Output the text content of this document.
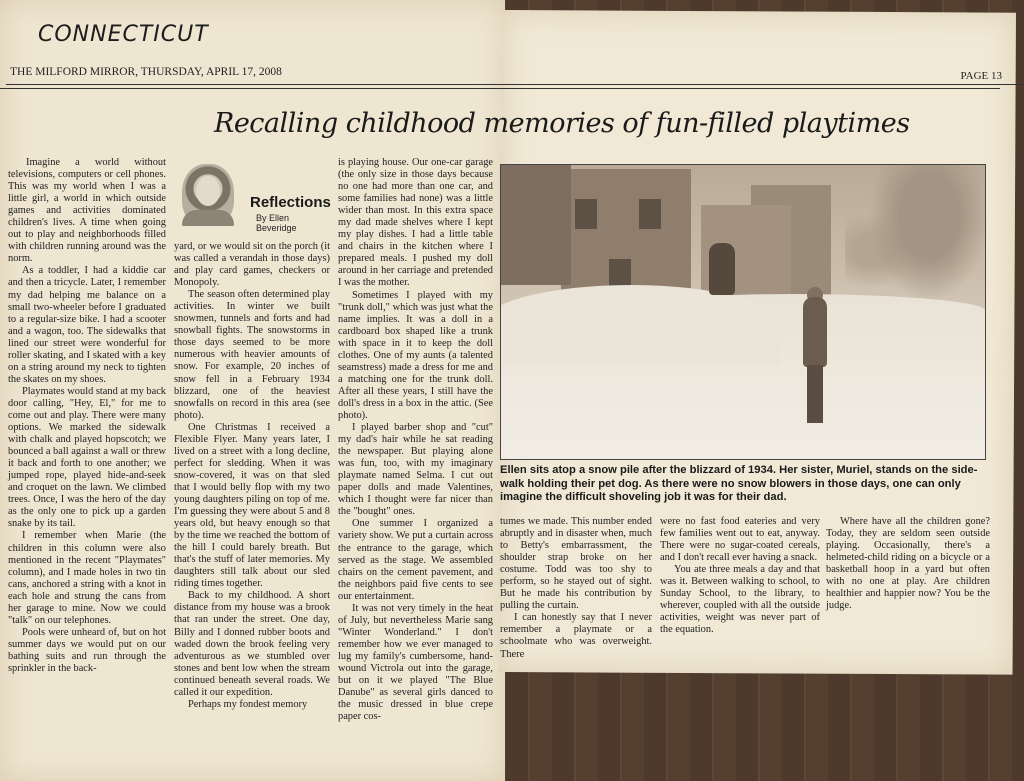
CONNECTICUT
THE MILFORD MIRROR, THURSDAY, APRIL 17, 2008	PAGE 13
Recalling childhood memories of fun-filled playtimes
Reflections
By Ellen Beveridge

Imagine a world without televisions, computers or cell phones. This was my world when I was a little girl, a world in which outside games and activities dominated children's lives. A time when going out to play and neighborhoods filled with children running around was the norm.

As a toddler, I had a kiddie car and then a tricycle. Later, I remember my dad helping me balance on a small two-wheeler before I graduated to a regular-size bike. I had a scooter and a wagon, too. The sidewalks that lined our street were wonderful for roller skating, and I skated with a key on a string around my neck to tighten the skates on my shoes.

Playmates would stand at my back door calling, "Hey, El," for me to come out and play. There were many options. We marked the sidewalk with chalk and played hopscotch; we bounced a ball against a wall or threw it back and forth to one another; we jumped rope, played hide-and-seek and croquet on the lawn. We climbed trees. Once, I was the hero of the day as the only one to pick up a garden snake by its tail.

I remember when Marie (the children in this column were also mentioned in the recent "Playmates" column), and I made holes in two tin cans, anchored a string with a knot in each hole and strung the cans from her garage to mine. Now we could "talk" on our telephones.

Pools were unheard of, but on hot summer days we would put on our bathing suits and run through the sprinkler in the back-

yard, or we would sit on the porch (it was called a verandah in those days) and play card games, checkers or Monopoly.

The season often determined play activities. In winter we built snowmen, tunnels and forts and had snowball fights. The snowstorms in those days seemed to be more numerous with heavier amounts of snow. For example, 20 inches of snow fell in a February 1934 blizzard, one of the heaviest snowfalls on record in this area (see photo).

One Christmas I received a Flexible Flyer. Many years later, I lived on a street with a long decline, perfect for sledding. When it was snow-covered, it was on that sled that I would belly flop with my two young daughters piling on top of me. I'm guessing they were about 5 and 8 years old, but heavy enough so that by the time we reached the bottom of the hill I could barely breath. But that's the stuff of later memories. My daughters still talk about our sled riding times together.

Back to my childhood. A short distance from my house was a brook that ran under the street. One day, Billy and I donned rubber boots and waded down the brook feeling very adventurous as we stumbled over stones and bent low when the stream continued beneath several roads. We called it our expedition.

Perhaps my fondest memory

is playing house. Our one-car garage (the only size in those days because no one had more than one car, and some families had none) was a little wider than most. In this extra space my dad made shelves where I kept my play dishes. I had a little table and chairs in the kitchen where I prepared meals. I pushed my doll around in her carriage and pretended I was the mother.

Sometimes I played with my "trunk doll," which was just what the name implies. It was a doll in a cardboard box shaped like a trunk with space in it to keep the doll clothes. One of my aunts (a talented seamstress) made a dress for me and a matching one for the trunk doll. After all these years, I still have the doll's dress in a box in the attic. (See photo).

I played barber shop and "cut" my dad's hair while he sat reading the newspaper. But playing alone was fun, too, with my imaginary playmate named Selma. I cut out paper dolls and made Valentines, which I thought were far nicer than the "bought" ones.

One summer I organized a variety show. We put a curtain across the entrance to the garage, which served as the stage. We assembled chairs on the cement pavement, and the neighbors paid five cents to see our entertainment.

It was not very timely in the heat of July, but nevertheless Marie sang "Winter Wonderland." I don't remember how we ever managed to lug my family's cumbersome, hand-wound Victrola out into the garage, but on it we played "The Blue Danube" as several girls danced to the music dressed in blue crepe paper cos-

Ellen sits atop a snow pile after the blizzard of 1934. Her sister, Muriel, stands on the side-walk holding their pet dog. As there were no snow blowers in those days, one can only imagine the difficult shoveling job it was for their dad.

tumes we made. This number ended abruptly and in disaster when, much to Betty's embarrassment, the shoulder strap broke on her costume. Todd was too shy to perform, so he stayed out of sight. But he made his contribution by pulling the curtain.

I can honestly say that I never remember a playmate or a schoolmate who was overweight. There

were no fast food eateries and very few families went out to eat, anyway. There were no sugar-coated cereals, and I don't recall ever having a snack.

You ate three meals a day and that was it. Between walking to school, to Sunday School, to the library, to wherever, coupled with all the outside activities, weight was never part of the equation.

Where have all the children gone? Today, they are seldom seen outside playing. Occasionally, there's a helmeted-child riding on a bicycle or a basketball hoop in a yard but often with no one at play. Are children healthier and happier now? You be the judge.
